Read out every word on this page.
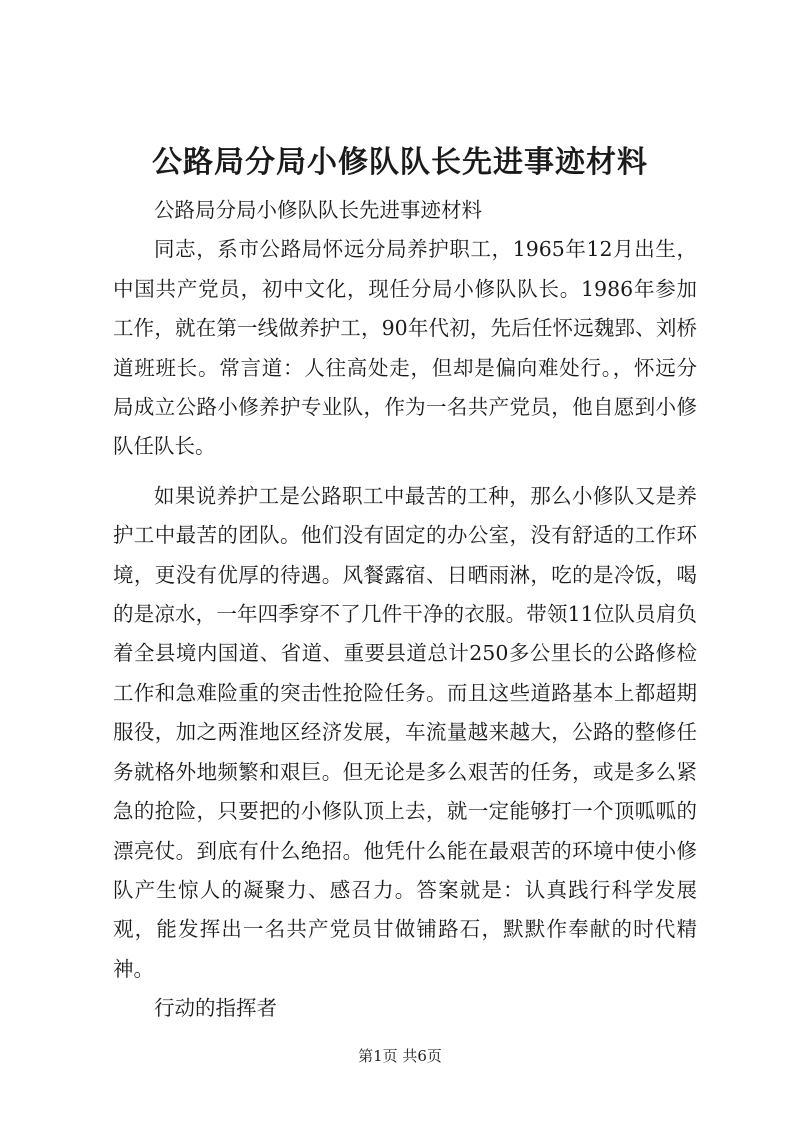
公路局分局小修队队长先进事迹材料

公路局分局小修队队长先进事迹材料

同志，系市公路局怀远分局养护职工，1965年12月出生，中国共产党员，初中文化，现任分局小修队队长。1986年参加工作，就在第一线做养护工，90年代初，先后任怀远魏郢、刘桥道班班长。常言道：人往高处走，但却是偏向难处行。，怀远分局成立公路小修养护专业队，作为一名共产党员，他自愿到小修队任队长。

如果说养护工是公路职工中最苦的工种，那么小修队又是养护工中最苦的团队。他们没有固定的办公室，没有舒适的工作环境，更没有优厚的待遇。风餐露宿、日晒雨淋，吃的是冷饭，喝的是凉水，一年四季穿不了几件干净的衣服。带领11位队员肩负着全县境内国道、省道、重要县道总计250多公里长的公路修检工作和急难险重的突击性抢险任务。而且这些道路基本上都超期服役，加之两淮地区经济发展，车流量越来越大，公路的整修任务就格外地频繁和艰巨。但无论是多么艰苦的任务，或是多么紧急的抢险，只要把的小修队顶上去，就一定能够打一个顶呱呱的漂亮仗。到底有什么绝招。他凭什么能在最艰苦的环境中使小修队产生惊人的凝聚力、感召力。答案就是：认真践行科学发展观，能发挥出一名共产党员甘做铺路石，默默作奉献的时代精神。

行动的指挥者

第1页 共6页
